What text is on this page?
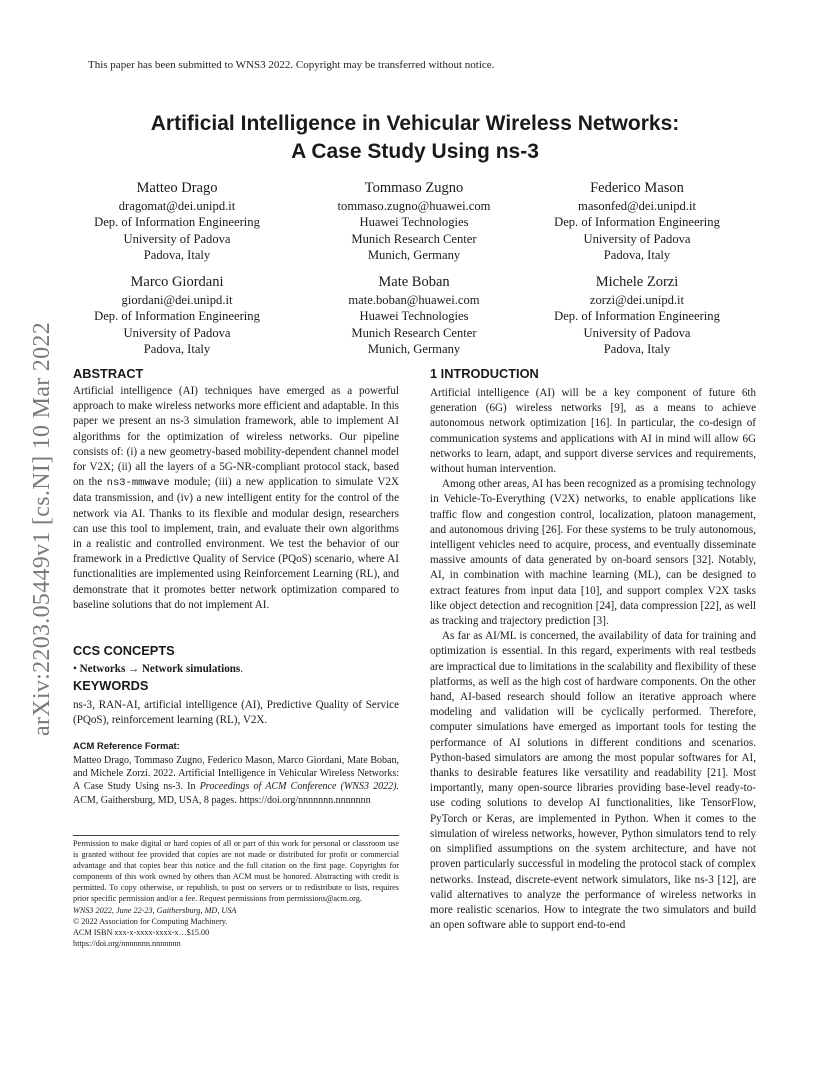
This paper has been submitted to WNS3 2022. Copyright may be transferred without notice.
arXiv:2203.05449v1 [cs.NI] 10 Mar 2022
Artificial Intelligence in Vehicular Wireless Networks:
A Case Study Using ns-3
Matteo Drago
dragomat@dei.unipd.it
Dep. of Information Engineering
University of Padova
Padova, Italy
Tommaso Zugno
tommaso.zugno@huawei.com
Huawei Technologies
Munich Research Center
Munich, Germany
Federico Mason
masonfed@dei.unipd.it
Dep. of Information Engineering
University of Padova
Padova, Italy
Marco Giordani
giordani@dei.unipd.it
Dep. of Information Engineering
University of Padova
Padova, Italy
Mate Boban
mate.boban@huawei.com
Huawei Technologies
Munich Research Center
Munich, Germany
Michele Zorzi
zorzi@dei.unipd.it
Dep. of Information Engineering
University of Padova
Padova, Italy
ABSTRACT

Artificial intelligence (AI) techniques have emerged as a powerful approach to make wireless networks more efficient and adaptable. In this paper we present an ns-3 simulation framework, able to implement AI algorithms for the optimization of wireless networks. Our pipeline consists of: (i) a new geometry-based mobility-dependent channel model for V2X; (ii) all the layers of a 5G-NR-compliant protocol stack, based on the ns3-mmwave module; (iii) a new application to simulate V2X data transmission, and (iv) a new intelligent entity for the control of the network via AI. Thanks to its flexible and modular design, researchers can use this tool to implement, train, and evaluate their own algorithms in a realistic and controlled environment. We test the behavior of our framework in a Predictive Quality of Service (PQoS) scenario, where AI functionalities are implemented using Reinforcement Learning (RL), and demonstrate that it promotes better network optimization compared to baseline solutions that do not implement AI.

CCS CONCEPTS

• Networks → Network simulations.

KEYWORDS

ns-3, RAN-AI, artificial intelligence (AI), Predictive Quality of Service (PQoS), reinforcement learning (RL), V2X.

ACM Reference Format:

Matteo Drago, Tommaso Zugno, Federico Mason, Marco Giordani, Mate Boban, and Michele Zorzi. 2022. Artificial Intelligence in Vehicular Wireless Networks: A Case Study Using ns-3. In Proceedings of ACM Conference (WNS3 2022). ACM, Gaithersburg, MD, USA, 8 pages. https://doi.org/nnnnnnn.nnnnnnn

Permission to make digital or hard copies of all or part of this work for personal or classroom use is granted without fee provided that copies are not made or distributed for profit or commercial advantage and that copies bear this notice and the full citation on the first page. Copyrights for components of this work owned by others than ACM must be honored. Abstracting with credit is permitted. To copy otherwise, or republish, to post on servers or to redistribute to lists, requires prior specific permission and/or a fee. Request permissions from permissions@acm.org.
WNS3 2022, June 22-23, Gaithersburg, MD, USA
© 2022 Association for Computing Machinery.
ACM ISBN xxx-x-xxxx-xxxx-x…$15.00
https://doi.org/nnnnnnn.nnnnnnn
1 INTRODUCTION

Artificial intelligence (AI) will be a key component of future 6th generation (6G) wireless networks [9], as a means to achieve autonomous network optimization [16]. In particular, the co-design of communication systems and applications with AI in mind will allow 6G networks to learn, adapt, and support diverse services and requirements, without human intervention.

Among other areas, AI has been recognized as a promising technology in Vehicle-To-Everything (V2X) networks, to enable applications like traffic flow and congestion control, localization, platoon management, and autonomous driving [26]. For these systems to be truly autonomous, intelligent vehicles need to acquire, process, and eventually disseminate massive amounts of data generated by on-board sensors [32]. Notably, AI, in combination with machine learning (ML), can be designed to extract features from input data [10], and support complex V2X tasks like object detection and recognition [24], data compression [22], as well as tracking and trajectory prediction [3].

As far as AI/ML is concerned, the availability of data for training and optimization is essential. In this regard, experiments with real testbeds are impractical due to limitations in the scalability and flexibility of these platforms, as well as the high cost of hardware components. On the other hand, AI-based research should follow an iterative approach where modeling and validation will be cyclically performed. Therefore, computer simulations have emerged as important tools for testing the performance of AI solutions in different conditions and scenarios. Python-based simulators are among the most popular softwares for AI, thanks to desirable features like versatility and readability [21]. Most importantly, many open-source libraries providing base-level ready-to-use coding solutions to develop AI functionalities, like TensorFlow, PyTorch or Keras, are implemented in Python. When it comes to the simulation of wireless networks, however, Python simulators tend to rely on simplified assumptions on the system architecture, and have not proven particularly successful in modeling the protocol stack of complex networks. Instead, discrete-event network simulators, like ns-3 [12], are valid alternatives to analyze the performance of wireless networks in more realistic scenarios. How to integrate the two simulators and build an open software able to support end-to-end
